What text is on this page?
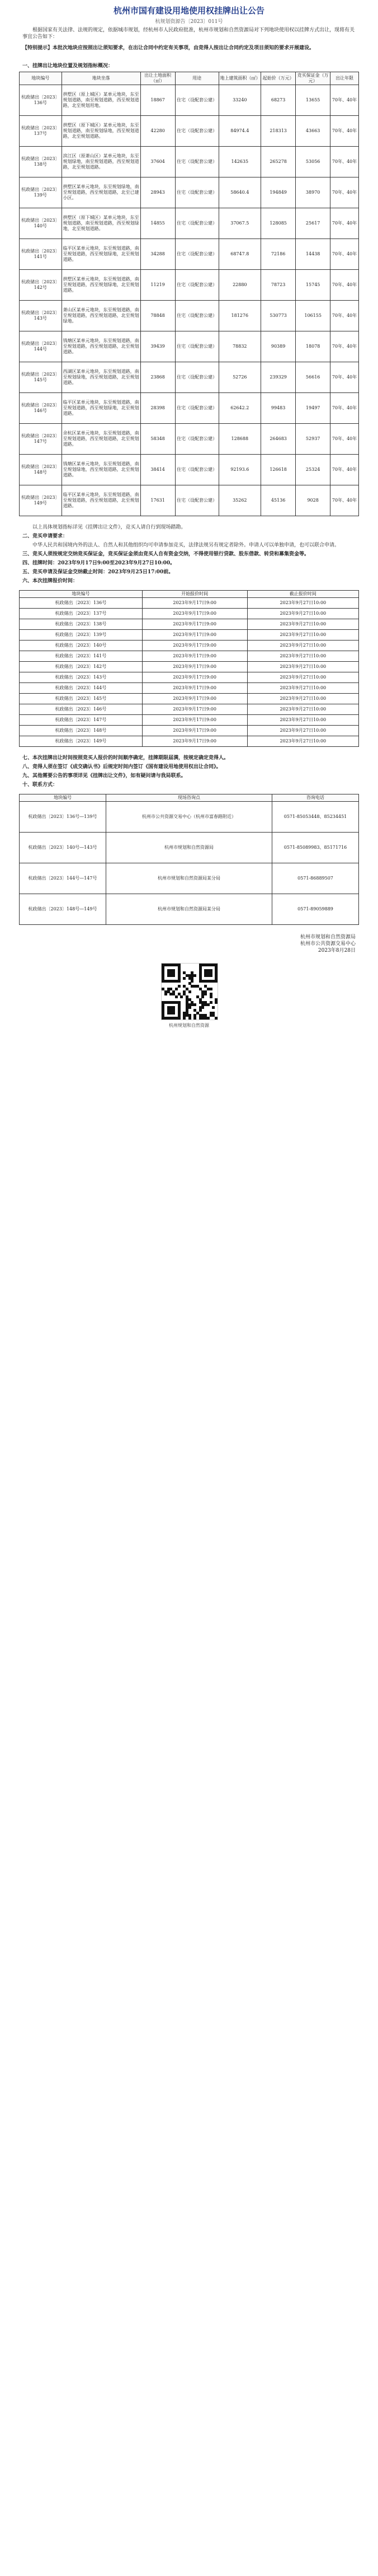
杭州市国有建设用地使用权挂牌出让公告
杭规划资源告〔2023〕011号

根据国家有关法律、法规的规定，依据城市规划，经杭州市人民政府批准，杭州市规划和自然资源局对下列地块使用权以挂牌方式出让，现将有关事宜公告如下：

【特别提示】本批次地块应按照出让须知要求，在出让合同中约定有关事项，由竞得人按出让合同约定及项目须知的要求开展建设。

一、挂牌出让地块位置及规划指标概况：

地块编号	地块坐落	出让土地面积（㎡）	用途	地上建筑面积（㎡）	起始价（万元）	竞买保证金（万元）	出让年限
杭政储出〔2023〕136号	拱墅区（原上城区）某单元地块，东至规划道路，南至规划道路，西至规划道路，北至规划用地。	18867	住宅（设配套公建）	33240	68273	13655	70年、40年
杭政储出〔2023〕137号	拱墅区（原下城区）某单元地块，东至规划道路，南至规划绿地，西至规划道路，北至规划道路。	42280	住宅（设配套公建）	84974.4	218313	43663	70年、40年
杭政储出〔2023〕138号	滨江区（原萧山区）某单元地块，东至规划绿地，南至规划道路，西至规划道路，北至规划道路。	37604	住宅（设配套公建）	142635	265278	53056	70年、40年
杭政储出〔2023〕139号	拱墅区某单元地块，东至规划绿地，南至规划道路，西至规划道路，北至已建小区。	28943	住宅（设配套公建）	58640.4	194849	38970	70年、40年
杭政储出〔2023〕140号	拱墅区（原下城区）某单元地块，东至规划道路，南至规划道路，西至规划绿地，北至规划道路。	14855	住宅（设配套公建）	37067.5	128085	25617	70年、40年
杭政储出〔2023〕141号	临平区某单元地块，东至规划道路，南至规划道路，西至规划绿地，北至规划道路。	34288	住宅（设配套公建）	68747.8	72186	14438	70年、40年
杭政储出〔2023〕142号	拱墅区某单元地块，东至规划道路，南至规划道路，西至规划绿地，北至规划道路。	11219	住宅（设配套公建）	22880	78723	15745	70年、40年
杭政储出〔2023〕143号	萧山区某单元地块，东至规划道路，南至规划道路，西至规划道路，北至规划绿地。	78848	住宅（设配套公建）	181276	530773	106155	70年、40年
杭政储出〔2023〕144号	钱塘区某单元地块，东至规划道路，南至规划道路，西至规划道路，北至规划道路。	39439	住宅（设配套公建）	78832	90389	18078	70年、40年
杭政储出〔2023〕145号	西湖区某单元地块，东至规划道路，南至规划绿地，西至规划道路，北至规划道路。	23868	住宅（设配套公建）	52726	239329	56616	70年、40年
杭政储出〔2023〕146号	临平区某单元地块，东至规划道路，南至规划道路，西至规划绿地，北至规划道路。	28398	住宅（设配套公建）	62642.2	99483	19497	70年、40年
杭政储出〔2023〕147号	余杭区某单元地块，东至规划道路，南至规划道路，西至规划道路，北至规划道路。	58348	住宅（设配套公建）	128688	264683	52937	70年、40年
杭政储出〔2023〕148号	钱塘区某单元地块，东至规划道路，南至规划绿地，西至规划道路，北至规划道路。	38414	住宅（设配套公建）	92193.6	126618	25324	70年、40年
杭政储出〔2023〕149号	临平区某单元地块，东至规划道路，南至规划道路，西至规划道路，北至规划道路。	17631	住宅（设配套公建）	35262	45136	9028	70年、40年

以上具体规划指标详见《挂牌出让文件》，竞买人请自行到现场踏勘。

二、竞买申请要求：

中华人民共和国境内外的法人、自然人和其他组织均可申请参加竞买，法律法规另有规定者除外。申请人可以单独申请，也可以联合申请。

三、竞买人须按规定交纳竞买保证金，竞买保证金须由竞买人自有资金交纳，不得使用银行贷款、股东借款、转贷和募集资金等。

四、挂牌时间：2023年9月17日9:00至2023年9月27日10:00。

五、竞买申请及保证金交纳截止时间：2023年9月25日17:00前。

六、本次挂牌报价时间：

地块编号	开始报价时间	截止报价时间
杭政储出〔2023〕136号	2023年9月17日9:00	2023年9月27日10:00
杭政储出〔2023〕137号	2023年9月17日9:00	2023年9月27日10:00
杭政储出〔2023〕138号	2023年9月17日9:00	2023年9月27日10:00
杭政储出〔2023〕139号	2023年9月17日9:00	2023年9月27日10:00
杭政储出〔2023〕140号	2023年9月17日9:00	2023年9月27日10:00
杭政储出〔2023〕141号	2023年9月17日9:00	2023年9月27日10:00
杭政储出〔2023〕142号	2023年9月17日9:00	2023年9月27日10:00
杭政储出〔2023〕143号	2023年9月17日9:00	2023年9月27日10:00
杭政储出〔2023〕144号	2023年9月17日9:00	2023年9月27日10:00
杭政储出〔2023〕145号	2023年9月17日9:00	2023年9月27日10:00
杭政储出〔2023〕146号	2023年9月17日9:00	2023年9月27日10:00
杭政储出〔2023〕147号	2023年9月17日9:00	2023年9月27日10:00
杭政储出〔2023〕148号	2023年9月17日9:00	2023年9月27日10:00
杭政储出〔2023〕149号	2023年9月17日9:00	2023年9月27日10:00

七、本次挂牌出让时间按照竞买人报价的时间顺序确定，挂牌期限届满，按规定确定竞得人。

八、竞得人须在签订《成交确认书》后规定时间内签订《国有建设用地使用权出让合同》。

九、其他需要公告的事项详见《挂牌出让文件》，如有疑问请与我局联系。

十、联系方式：

地块编号	现场咨询点	咨询电话
杭政储出〔2023〕136号—139号	杭州市公共资源交易中心（杭州市富春路附近）	0571-85053448、85234451
杭政储出〔2023〕140号—143号	杭州市规划和自然资源局	0571-85089983、85171716
杭政储出〔2023〕144号—147号	杭州市规划和自然资源局某分局	0571-86889507
杭政储出〔2023〕148号—149号	杭州市规划和自然资源局某分局	0571-89059889
杭州市规划和自然资源局
杭州市公共资源交易中心
2023年8月28日
杭州规划和自然资源
